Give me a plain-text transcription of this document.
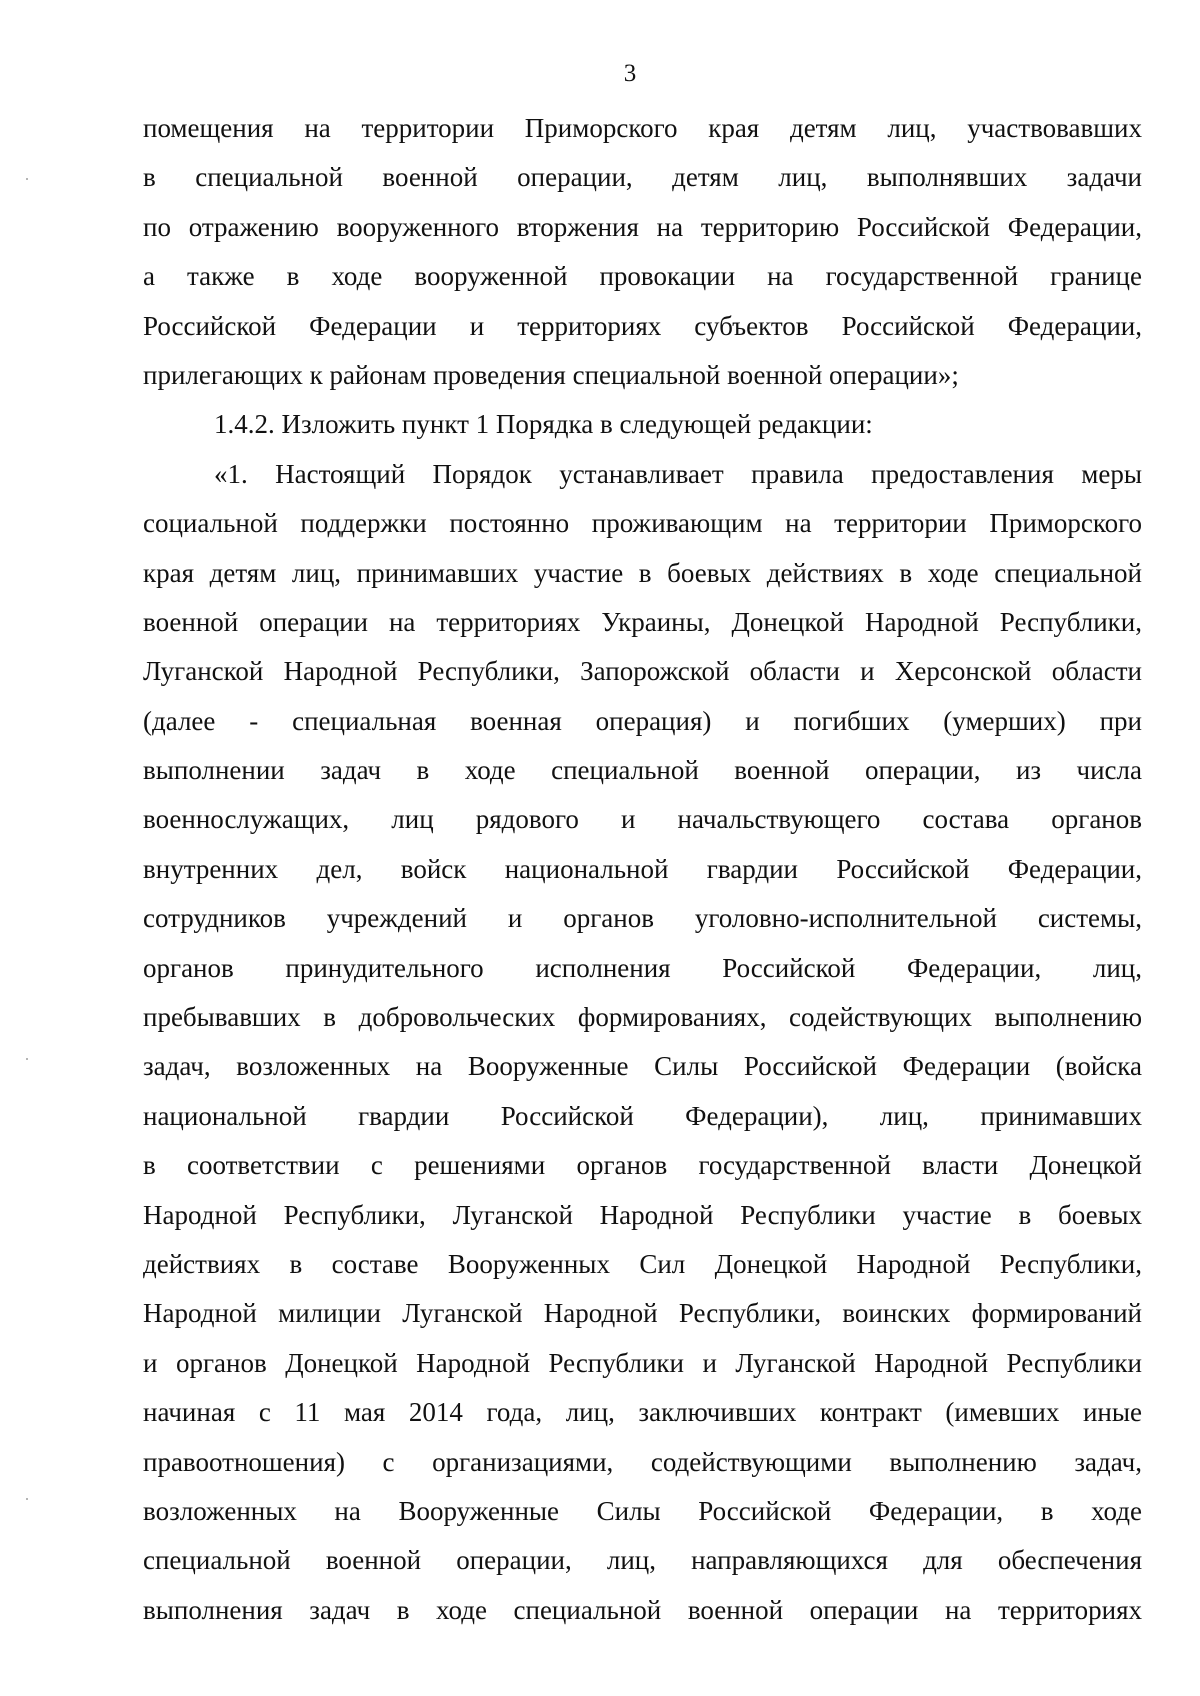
3
помещения на территории Приморского края детям лиц, участвовавших
в специальной военной операции, детям лиц, выполнявших задачи
по отражению вооруженного вторжения на территорию Российской Федерации,
а также в ходе вооруженной провокации на государственной границе
Российской Федерации и территориях субъектов Российской Федерации,
прилегающих к районам проведения специальной военной операции»;
1.4.2. Изложить пункт 1 Порядка в следующей редакции:
«1. Настоящий Порядок устанавливает правила предоставления меры
социальной поддержки постоянно проживающим на территории Приморского
края детям лиц, принимавших участие в боевых действиях в ходе специальной
военной операции на территориях Украины, Донецкой Народной Республики,
Луганской Народной Республики, Запорожской области и Херсонской области
(далее - специальная военная операция) и погибших (умерших) при
выполнении задач в ходе специальной военной операции, из числа
военнослужащих, лиц рядового и начальствующего состава органов
внутренних дел, войск национальной гвардии Российской Федерации,
сотрудников учреждений и органов уголовно-исполнительной системы,
органов принудительного исполнения Российской Федерации, лиц,
пребывавших в добровольческих формированиях, содействующих выполнению
задач, возложенных на Вооруженные Силы Российской Федерации (войска
национальной гвардии Российской Федерации), лиц, принимавших
в соответствии с решениями органов государственной власти Донецкой
Народной Республики, Луганской Народной Республики участие в боевых
действиях в составе Вооруженных Сил Донецкой Народной Республики,
Народной милиции Луганской Народной Республики, воинских формирований
и органов Донецкой Народной Республики и Луганской Народной Республики
начиная с 11 мая 2014 года, лиц, заключивших контракт (имевших иные
правоотношения) с организациями, содействующими выполнению задач,
возложенных на Вооруженные Силы Российской Федерации, в ходе
специальной военной операции, лиц, направляющихся для обеспечения
выполнения задач в ходе специальной военной операции на территориях
